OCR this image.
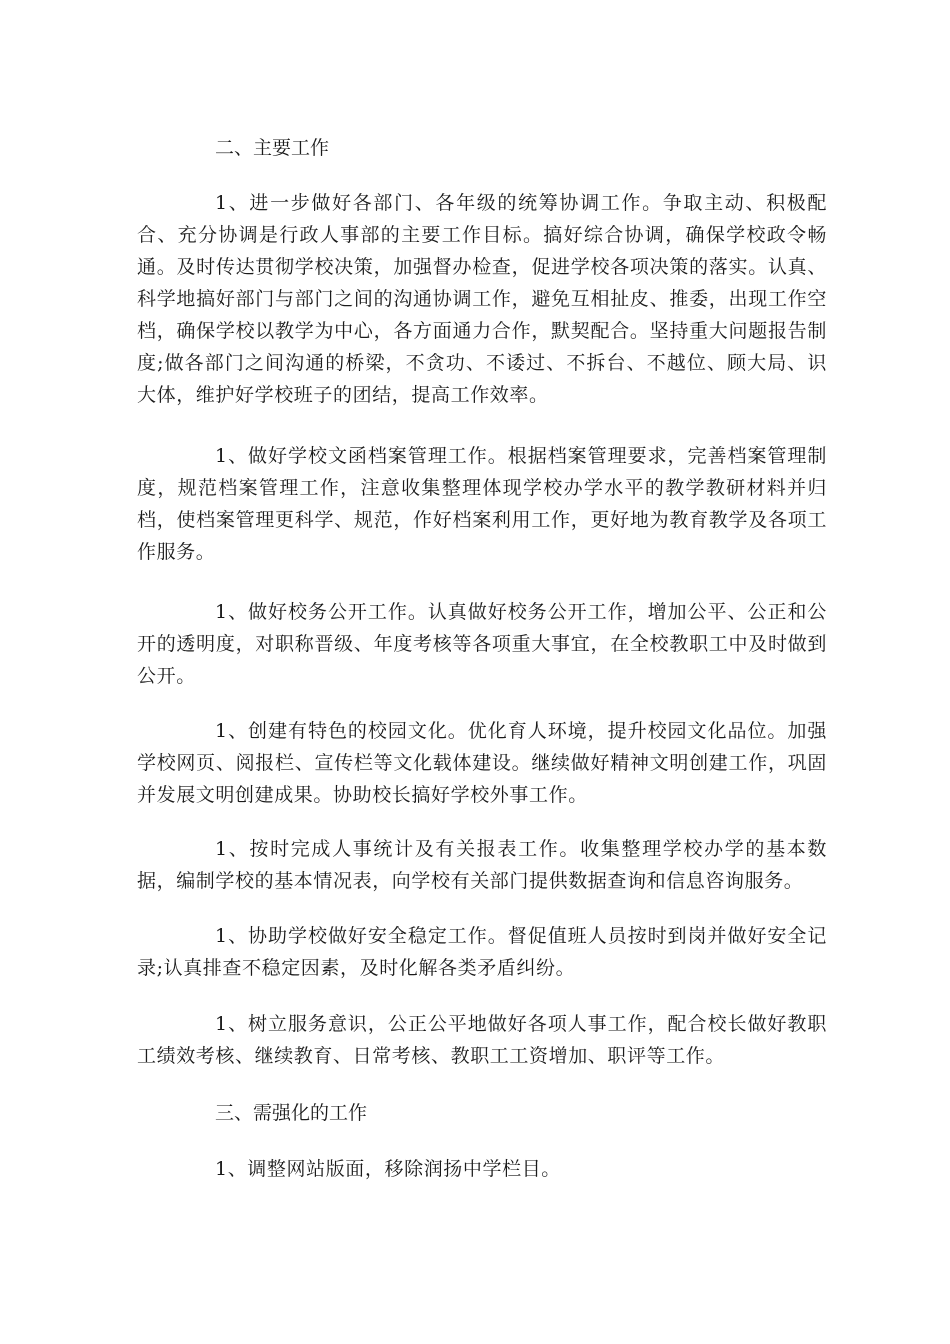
二、主要工作

1、进一步做好各部门、各年级的统筹协调工作。争取主动、积极配合、充分协调是行政人事部的主要工作目标。搞好综合协调，确保学校政令畅通。及时传达贯彻学校决策，加强督办检查，促进学校各项决策的落实。认真、科学地搞好部门与部门之间的沟通协调工作，避免互相扯皮、推委，出现工作空档，确保学校以教学为中心，各方面通力合作，默契配合。坚持重大问题报告制度;做各部门之间沟通的桥梁，不贪功、不诿过、不拆台、不越位、顾大局、识大体，维护好学校班子的团结，提高工作效率。

1、做好学校文函档案管理工作。根据档案管理要求，完善档案管理制度，规范档案管理工作，注意收集整理体现学校办学水平的教学教研材料并归档，使档案管理更科学、规范，作好档案利用工作，更好地为教育教学及各项工作服务。

1、做好校务公开工作。认真做好校务公开工作，增加公平、公正和公开的透明度，对职称晋级、年度考核等各项重大事宜，在全校教职工中及时做到公开。

1、创建有特色的校园文化。优化育人环境，提升校园文化品位。加强学校网页、阅报栏、宣传栏等文化载体建设。继续做好精神文明创建工作，巩固并发展文明创建成果。协助校长搞好学校外事工作。

1、按时完成人事统计及有关报表工作。收集整理学校办学的基本数据，编制学校的基本情况表，向学校有关部门提供数据查询和信息咨询服务。

1、协助学校做好安全稳定工作。督促值班人员按时到岗并做好安全记录;认真排查不稳定因素，及时化解各类矛盾纠纷。

1、树立服务意识，公正公平地做好各项人事工作，配合校长做好教职工绩效考核、继续教育、日常考核、教职工工资增加、职评等工作。

三、需强化的工作

1、调整网站版面，移除润扬中学栏目。
